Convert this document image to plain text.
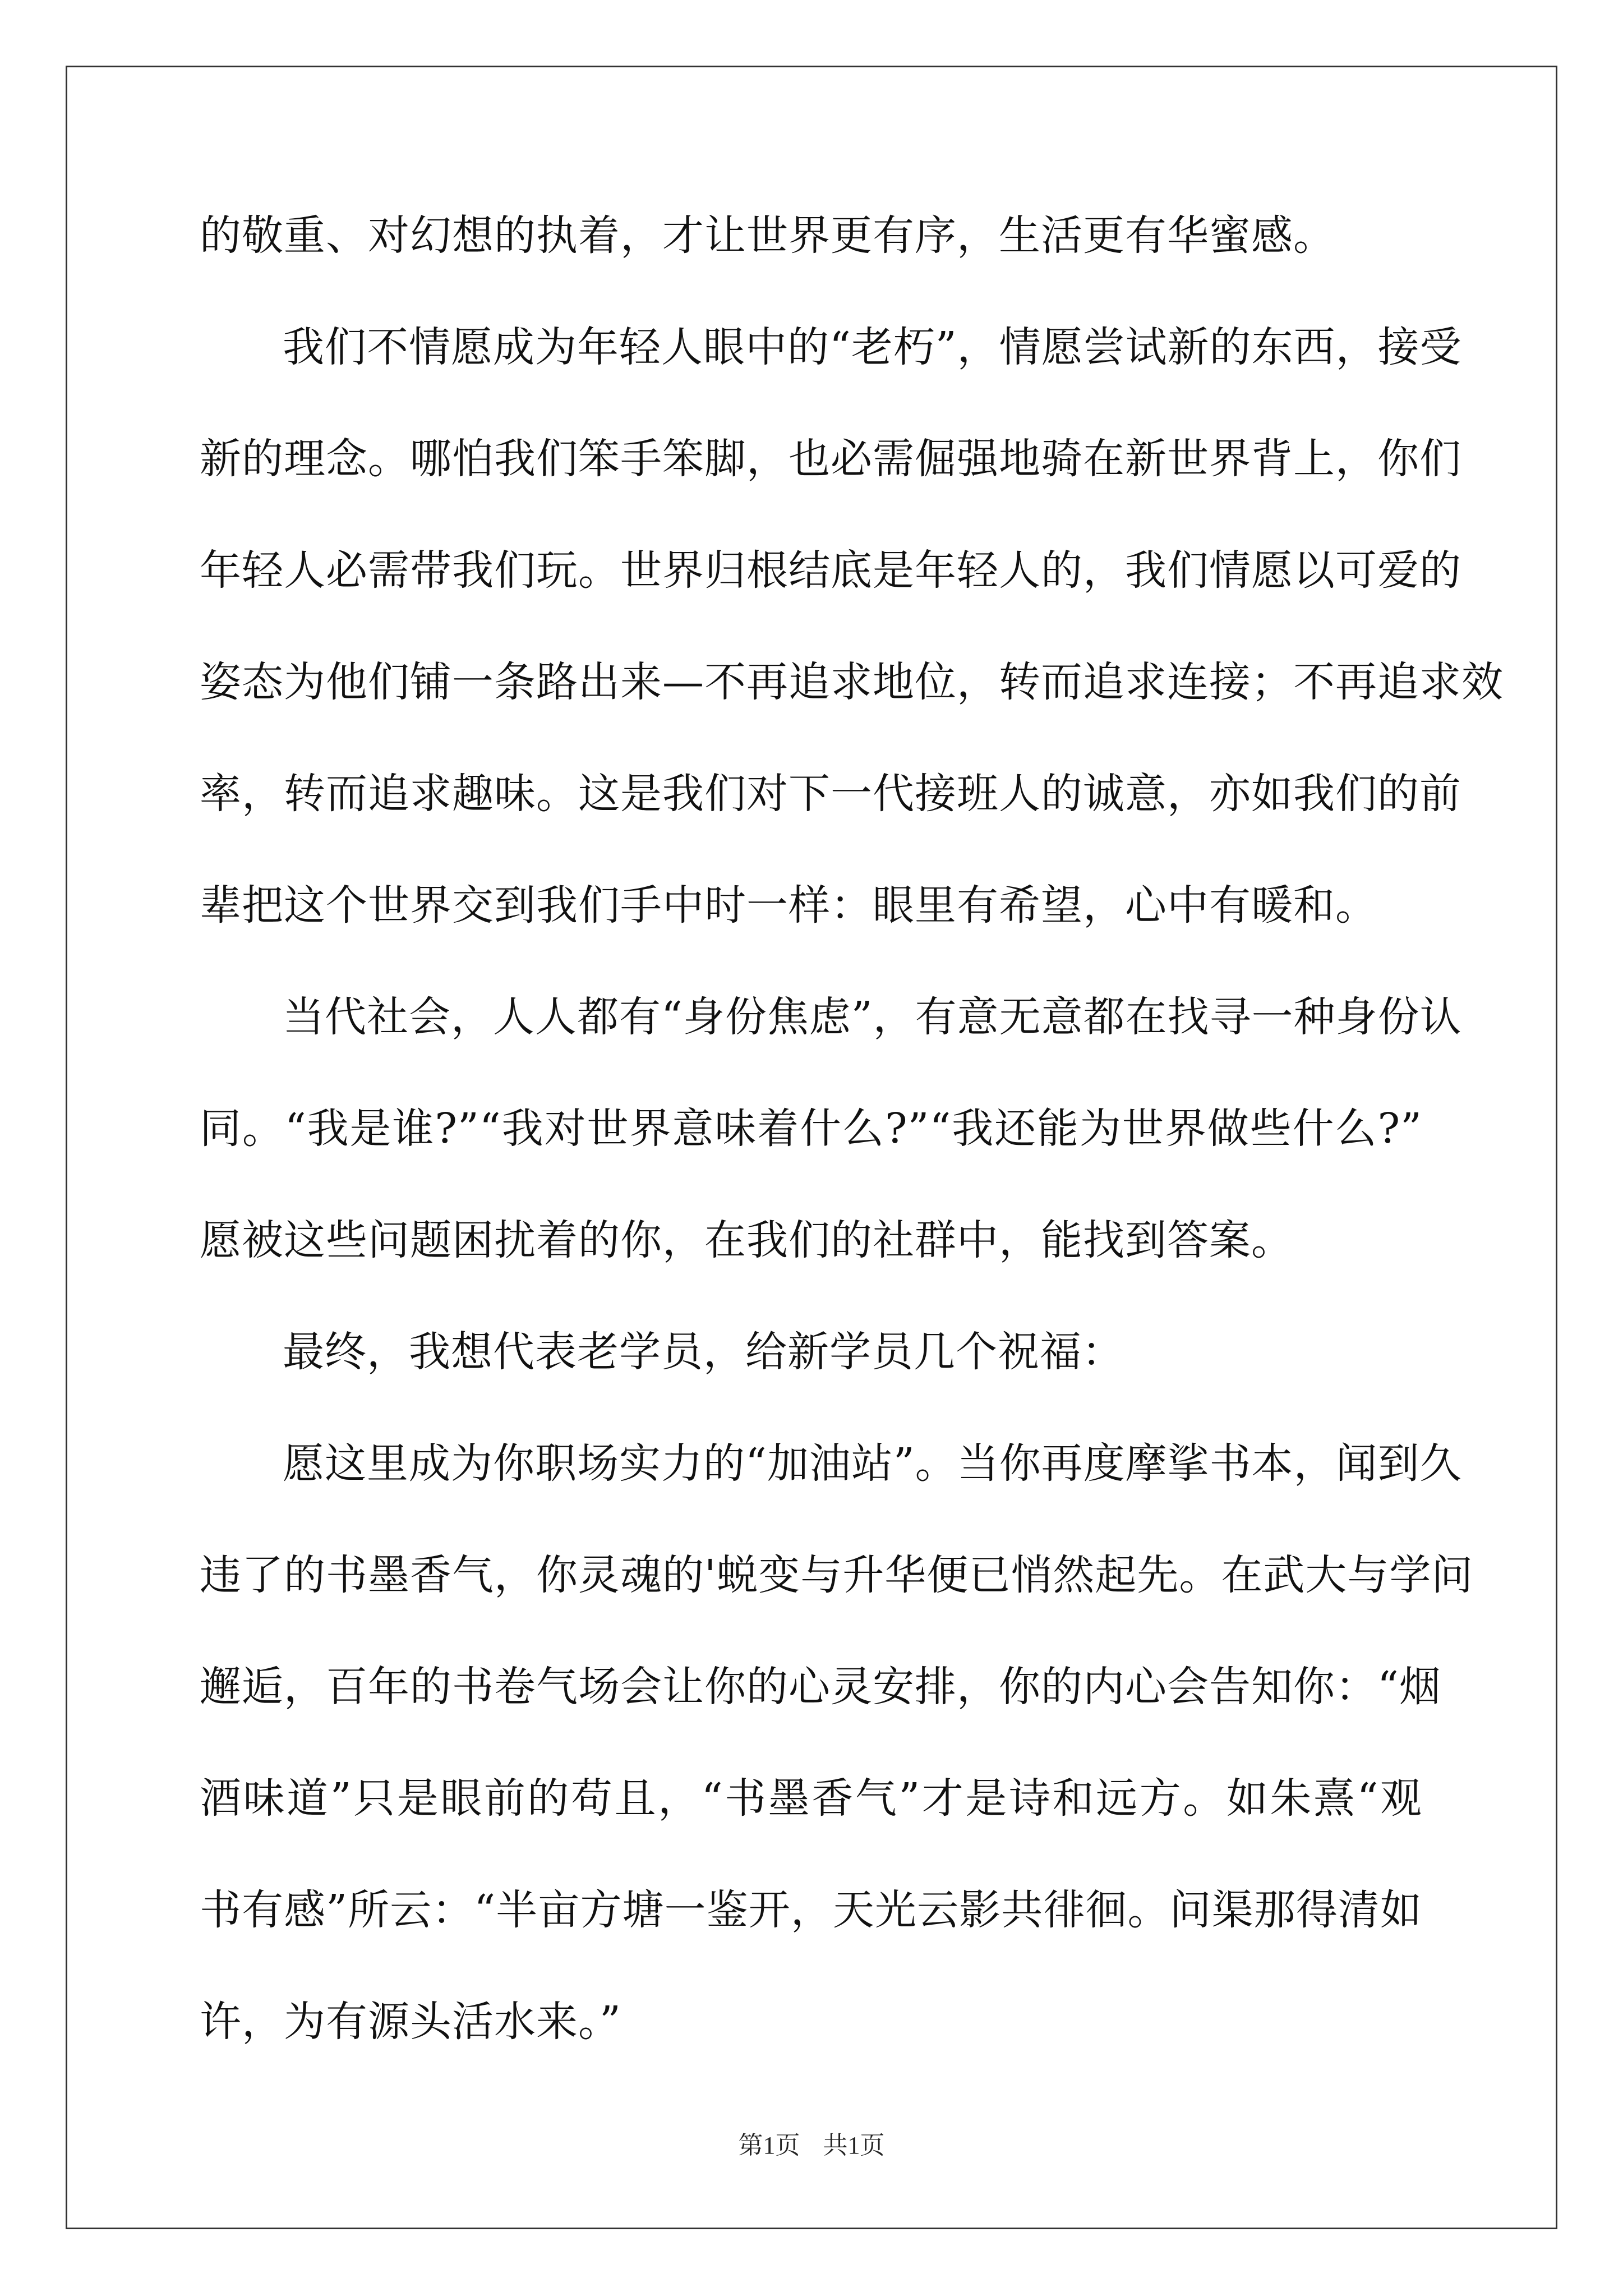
的敬重、对幻想的执着，才让世界更有序，生活更有华蜜感。
我们不情愿成为年轻人眼中的“老朽”，情愿尝试新的东西，接受
新的理念。哪怕我们笨手笨脚，也必需倔强地骑在新世界背上，你们
年轻人必需带我们玩。世界归根结底是年轻人的，我们情愿以可爱的
姿态为他们铺一条路出来—不再追求地位，转而追求连接；不再追求效
率，转而追求趣味。这是我们对下一代接班人的诚意，亦如我们的前
辈把这个世界交到我们手中时一样：眼里有希望，心中有暖和。
当代社会，人人都有“身份焦虑”，有意无意都在找寻一种身份认
同。“我是谁?”“我对世界意味着什么?”“我还能为世界做些什么?”
愿被这些问题困扰着的你，在我们的社群中，能找到答案。
最终，我想代表老学员，给新学员几个祝福：
愿这里成为你职场实力的“加油站”。当你再度摩挲书本，闻到久
违了的书墨香气，你灵魂的'蜕变与升华便已悄然起先。在武大与学问
邂逅，百年的书卷气场会让你的心灵安排，你的内心会告知你：“烟
酒味道”只是眼前的苟且，“书墨香气”才是诗和远方。如朱熹“观
书有感”所云：“半亩方塘一鉴开，天光云影共徘徊。问渠那得清如
许，为有源头活水来。”
第1页 共1页
